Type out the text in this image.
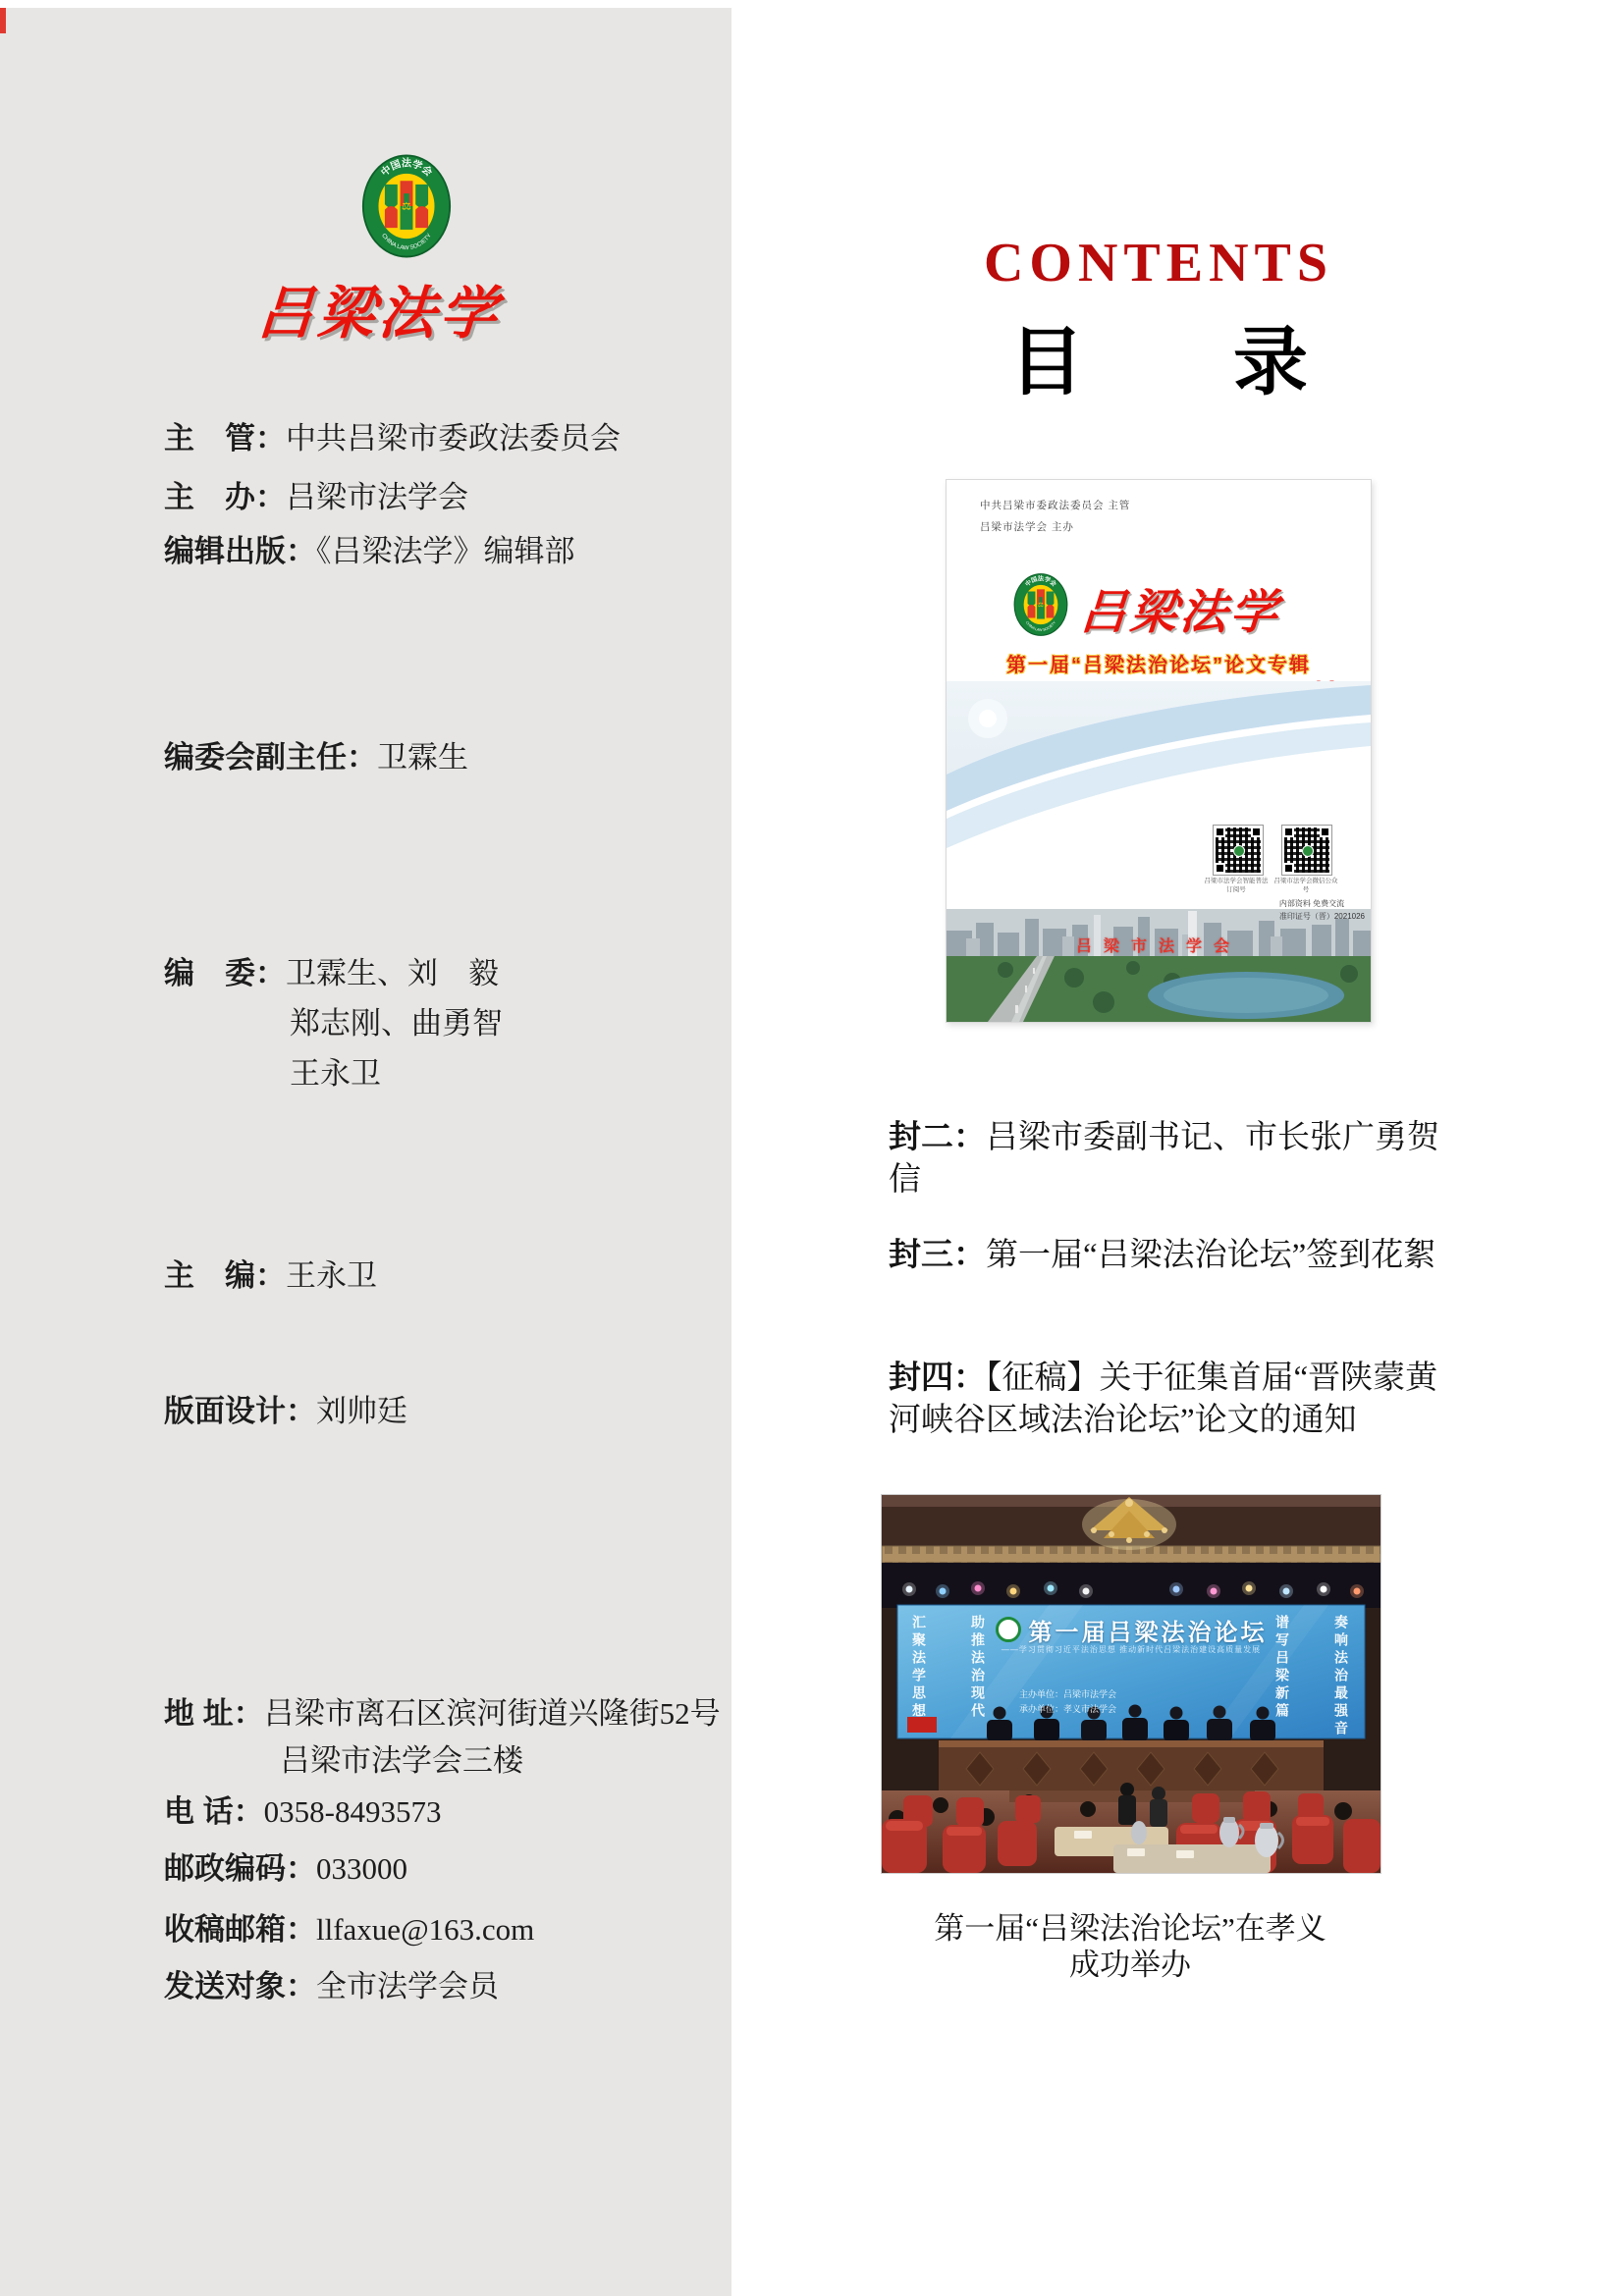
吕梁法学
主　管：中共吕梁市委政法委员会
主　办：吕梁市法学会
编辑出版：《吕梁法学》编辑部
编委会副主任：卫霖生
编　委：卫霖生、刘　毅
郑志刚、曲勇智
王永卫
主　编：王永卫
版面设计：刘帅廷
地 址：吕梁市离石区滨河街道兴隆街52号
吕梁市法学会三楼
电 话：0358-8493573
邮政编码：033000
收稿邮箱：llfaxue@163.com
发送对象：全市法学会员
CONTENTS
目　　录
中共吕梁市委政法委员会 主管
吕梁市法学会 主办
吕梁法学
第一届“吕梁法治论坛”论文专辑
吕梁市法学会
吕梁市法学会智能普法订阅号
吕梁市法学会微信公众号
内部资料 免费交流
准印证号（晋）2021026
封二：吕梁市委副书记、市长张广勇贺信
封三：第一届“吕梁法治论坛”签到花絮
封四：【征稿】关于征集首届“晋陕蒙黄河峡谷区域法治论坛”论文的通知
第一届吕梁法治论坛
——学习贯彻习近平法治思想 推动新时代吕梁法治建设高质量发展
主办单位：吕梁市法学会
承办单位：孝义市法学会
汇聚法学思想	助推法治现代	谱写吕梁新篇	奏响法治最强音
第一届“吕梁法治论坛”在孝义
成功举办
